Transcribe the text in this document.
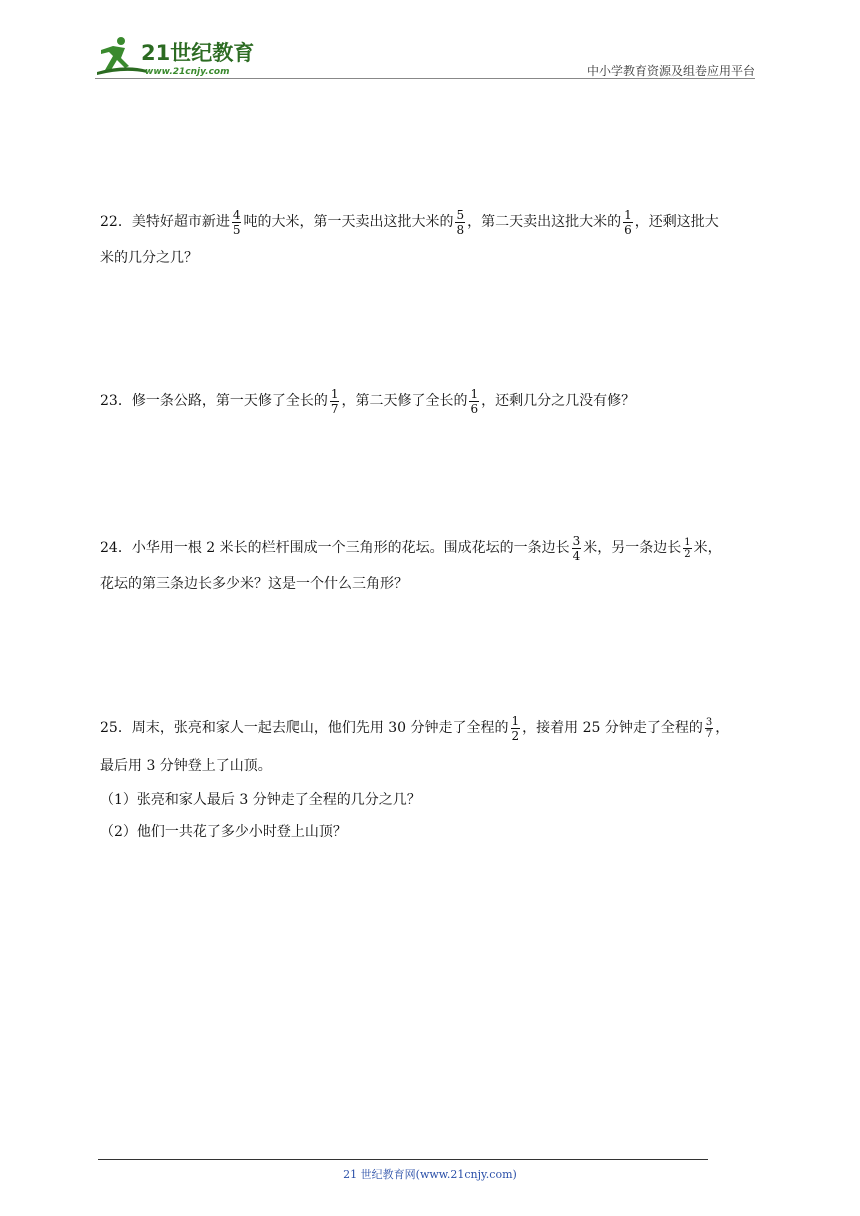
21世纪教育
www.21cnjy.com	中小学教育资源及组卷应用平台
22．美特好超市新进 $\frac{4}{5}$ 吨的大米，第一天卖出这批大米的 $\frac{5}{8}$ ，第二天卖出这批大米的 $\frac{1}{6}$ ，还剩这批大
米的几分之几？
23．修一条公路，第一天修了全长的 $\frac{1}{7}$ ，第二天修了全长的 $\frac{1}{6}$ ，还剩几分之几没有修？
24．小华用一根 2 米长的栏杆围成一个三角形的花坛。围成花坛的一条边长 $\frac{3}{4}$ 米，另一条边长 $\frac{1}{2}$ 米，
花坛的第三条边长多少米？这是一个什么三角形？
25．周末，张亮和家人一起去爬山，他们先用 30 分钟走了全程的 $\frac{1}{2}$ ，接着用 25 分钟走了全程的 $\frac{3}{7}$ ，
最后用 3 分钟登上了山顶。
（1）张亮和家人最后 3 分钟走了全程的几分之几？
（2）他们一共花了多少小时登上山顶？
21 世纪教育网(www.21cnjy.com)
